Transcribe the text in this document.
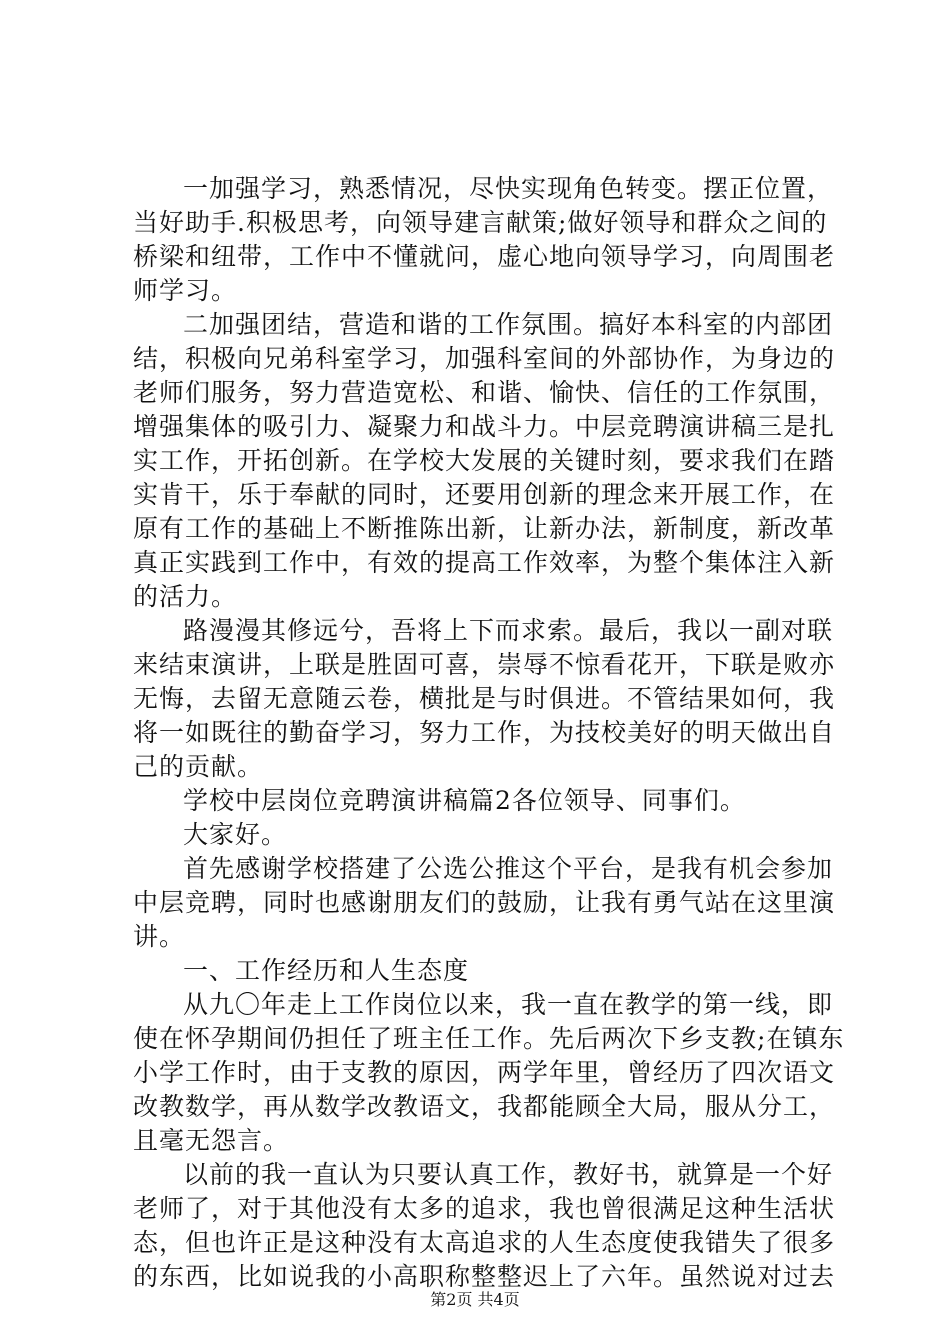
一加强学习，熟悉情况，尽快实现角色转变。摆正位置，
当好助手.积极思考，向领导建言献策;做好领导和群众之间的
桥梁和纽带，工作中不懂就问，虚心地向领导学习，向周围老
师学习。
二加强团结，营造和谐的工作氛围。搞好本科室的内部团
结，积极向兄弟科室学习，加强科室间的外部协作，为身边的
老师们服务，努力营造宽松、和谐、愉快、信任的工作氛围，
增强集体的吸引力、凝聚力和战斗力。中层竞聘演讲稿三是扎
实工作，开拓创新。在学校大发展的关键时刻，要求我们在踏
实肯干，乐于奉献的同时，还要用创新的理念来开展工作，在
原有工作的基础上不断推陈出新，让新办法，新制度，新改革
真正实践到工作中，有效的提高工作效率，为整个集体注入新
的活力。
路漫漫其修远兮，吾将上下而求索。最后，我以一副对联
来结束演讲，上联是胜固可喜，崇辱不惊看花开，下联是败亦
无悔，去留无意随云卷，横批是与时俱进。不管结果如何，我
将一如既往的勤奋学习，努力工作，为技校美好的明天做出自
己的贡献。
学校中层岗位竞聘演讲稿篇2各位领导、同事们。
大家好。
首先感谢学校搭建了公选公推这个平台，是我有机会参加
中层竞聘，同时也感谢朋友们的鼓励，让我有勇气站在这里演
讲。
一、工作经历和人生态度
从九〇年走上工作岗位以来，我一直在教学的第一线，即
使在怀孕期间仍担任了班主任工作。先后两次下乡支教;在镇东
小学工作时，由于支教的原因，两学年里，曾经历了四次语文
改教数学，再从数学改教语文，我都能顾全大局，服从分工，
且毫无怨言。
以前的我一直认为只要认真工作，教好书，就算是一个好
老师了，对于其他没有太多的追求，我也曾很满足这种生活状
态，但也许正是这种没有太高追求的人生态度使我错失了很多
的东西，比如说我的小高职称整整迟上了六年。虽然说对过去
第2页 共4页
